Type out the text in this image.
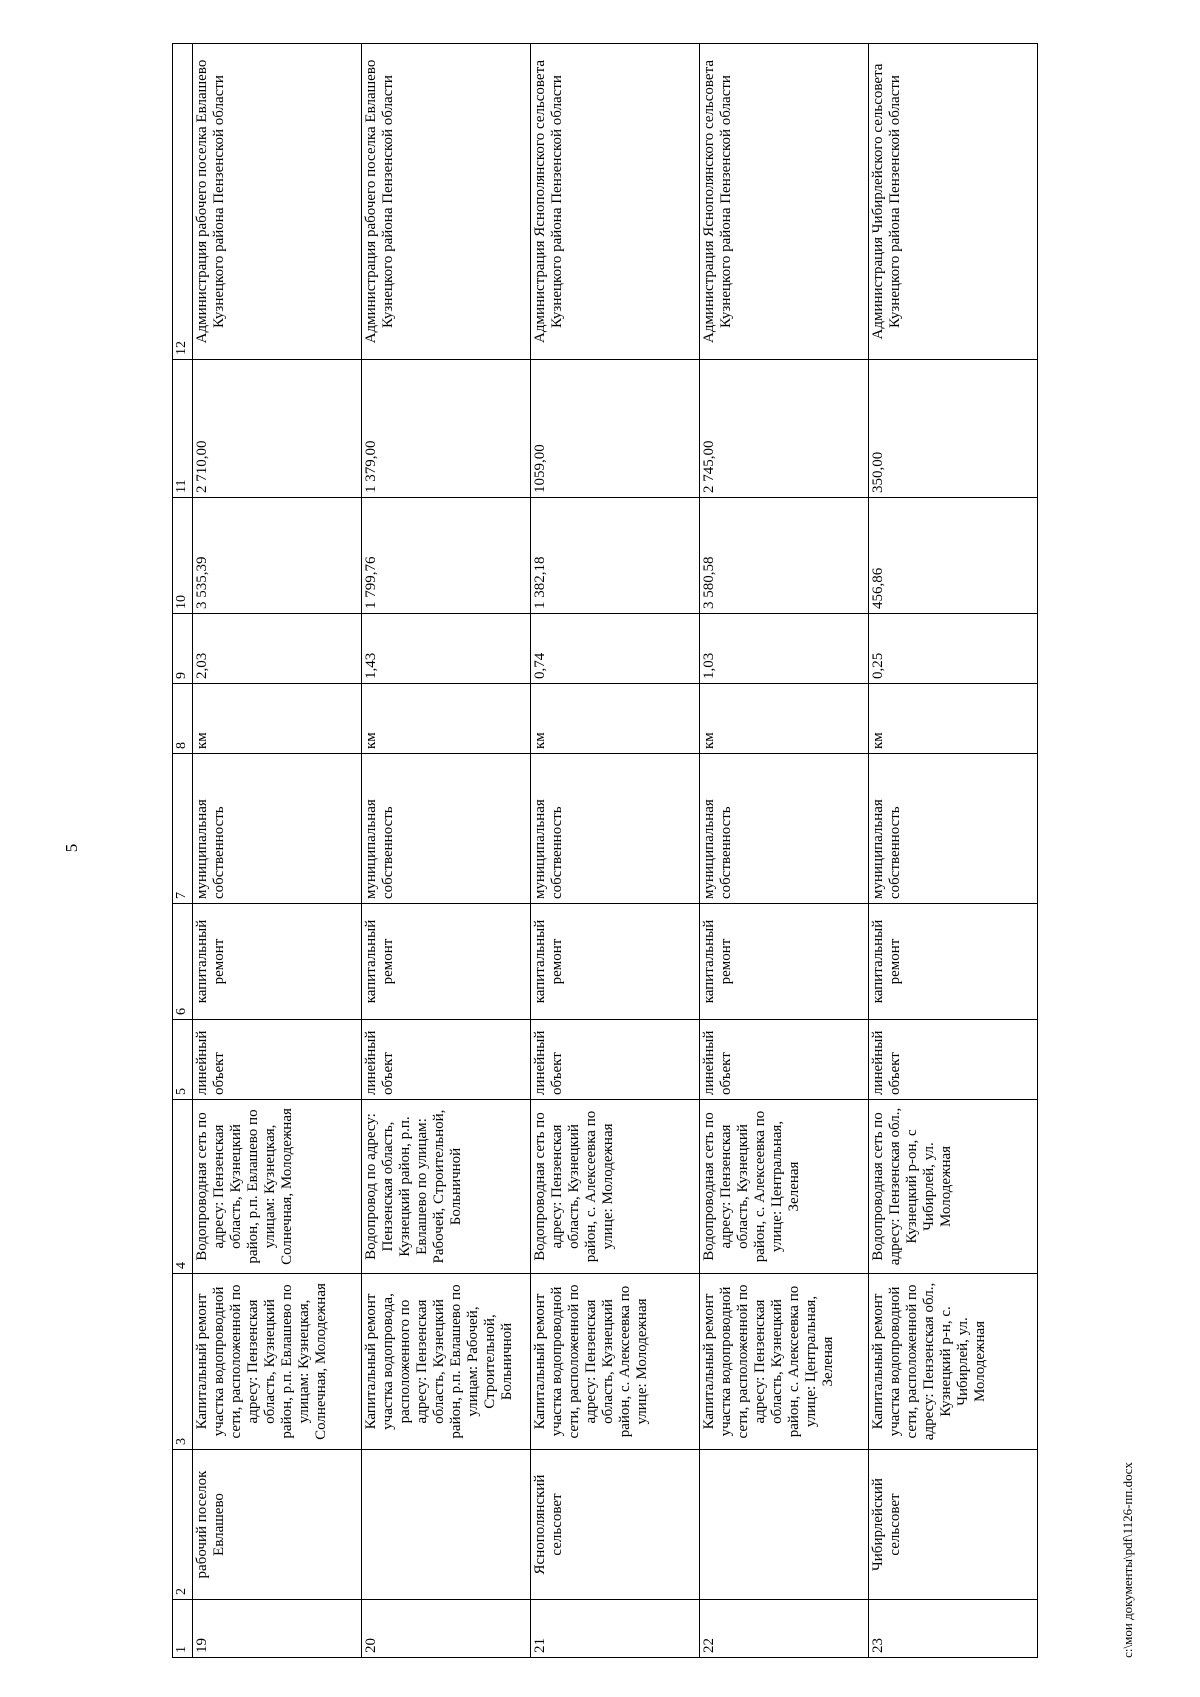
5
1	2	3	4	5	6	7	8	9	10	11	12
19	рабочий поселок Евлашево	Капитальный ремонт участка водопроводной сети, расположенной по адресу: Пензенская область, Кузнецкий район, р.п. Евлашево по улицам: Кузнецкая, Солнечная, Молодежная	Водопроводная сеть по адресу: Пензенская область, Кузнецкий район, р.п. Евлашево по улицам: Кузнецкая, Солнечная, Молодежная	линейный объект	капитальный ремонт	муниципальная собственность	км	2,03	3 535,39	2 710,00	Администрация рабочего поселка Евлашево Кузнецкого района Пензенской области
20		Капитальный ремонт участка водопровода, расположенного по адресу: Пензенская область, Кузнецкий район, р.п. Евлашево по улицам: Рабочей, Строительной, Больничной	Водопровод по адресу: Пензенская область, Кузнецкий район, р.п. Евлашево по улицам: Рабочей, Строительной, Больничной	линейный объект	капитальный ремонт	муниципальная собственность	км	1,43	1 799,76	1 379,00	Администрация рабочего поселка Евлашево Кузнецкого района Пензенской области
21	Яснополянский сельсовет	Капитальный ремонт участка водопроводной сети, расположенной по адресу: Пензенская область, Кузнецкий район, с. Алексеевка по улице: Молодежная	Водопроводная сеть по адресу: Пензенская область, Кузнецкий район, с. Алексеевка по улице: Молодежная	линейный объект	капитальный ремонт	муниципальная собственность	км	0,74	1 382,18	1059,00	Администрация Яснополянского сельсовета Кузнецкого района Пензенской области
22		Капитальный ремонт участка водопроводной сети, расположенной по адресу: Пензенская область, Кузнецкий район, с. Алексеевка по улице: Центральная, Зеленая	Водопроводная сеть по адресу: Пензенская область, Кузнецкий район, с. Алексеевка по улице: Центральная, Зеленая	линейный объект	капитальный ремонт	муниципальная собственность	км	1,03	3 580,58	2 745,00	Администрация Яснополянского сельсовета Кузнецкого района Пензенской области
23	Чибирлейский сельсовет	Капитальный ремонт участка водопроводной сети, расположенной по адресу: Пензенская обл., Кузнецкий р-н, с. Чибирлей, ул. Молодежная	Водопроводная сеть по адресу: Пензенская обл., Кузнецкий р-он, с Чибирлей, ул. Молодежная	линейный объект	капитальный ремонт	муниципальная собственность	км	0,25	456,86	350,00	Администрация Чибирлейского сельсовета Кузнецкого района Пензенской области
c:\мои документы\pdf\1126-пп.docx
